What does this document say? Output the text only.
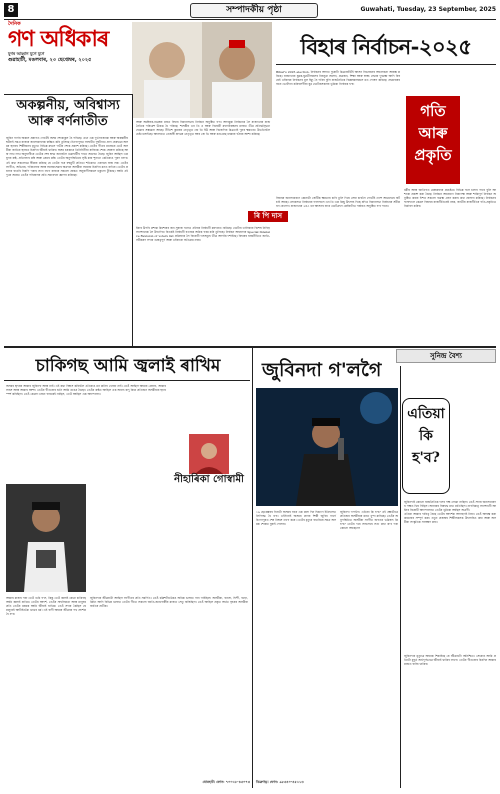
8	সম্পাদকীয় পৃষ্ঠা	Guwahati, Tuesday, 23 September, 2025
দৈনিক
গণ অধিকাৰ
যুগৰ আহ্বান যুগে যুগে
গুৱাহাটী, মঙলবাৰ, ২৩ ছেপ্তেম্বৰ, ২০২৫
অকল্পনীয়, অবিশ্বাস্য
আৰু বৰ্ণনাতীত
জুবিন গাৰ্গৰ অকাল প্ৰয়াণত গোটেই অসম শোকাকুল হৈ পৰিছে। এনে এক দুৰ্ভাগ্যজনক আৰু অকল্পনীয় ঘটনাই সমগ্ৰ ৰাজ্যৰ জনসাধাৰণক স্তম্ভিত কৰি তুলিছে। চিংগাপুৰত সংঘটিত দুৰ্ঘটনাত প্ৰাণ হেৰুওৱা অসমৰ হৃদয়ৰ শিল্পীজনৰ মৃত্যুত বিভিন্ন মহলে গভীৰ শোক প্ৰকাশ কৰিছে। তেওঁৰ গীতৰ মাজেৰে তেওঁ অসমীয়া জাতিৰ হৃদয়ত চিৰদিন জীয়াই থাকিব। অসম চৰকাৰে তিনিদিনীয়া ৰাজ্যিক শোক ঘোষণা কৰিছে আৰু লাখ লাখ অনুৰাগীয়ে তেওঁক শেষ শ্ৰদ্ধা জনাবলৈ গুৱাহাটীৰ পথত সমবেত হৈছে। জুবিন আছিল এক যুগৰ কণ্ঠ, প্ৰতিবাদৰ কণ্ঠ আৰু প্ৰেমৰ কণ্ঠ। তেওঁৰ অনুপস্থিতিয়ে সৃষ্টি কৰা শূন্যতা কেতিয়াও পূৰণ নহ'ব। এই কথা সকলোৱে স্বীকাৰ কৰিছে যে তেওঁৰ দৰে বহুমুখী প্ৰতিভা শতিকাত এবাৰহে জন্ম লয়। তেওঁৰ সংগীত, অভিনয়, পৰিচালনা আৰু সমাজসেৱাৰ অৱদান অসমীয়া সমাজে চিৰদিন মনত ৰাখিব। তেওঁৰ প্ৰয়াণৰ বাতৰি বিয়পি পৰাৰ লগে লগে ৰাজ্যৰ সকলো প্ৰান্তত অনুৰাগীসকলে চকুলো টুকিছে। আমি এই দুখৰ সময়ত তেওঁৰ পৰিয়ালৰ প্ৰতি সমবেদনা জ্ঞাপন কৰিছো।
বিহাৰ নিৰ্বাচন-২০২৫
গতি
আৰু
প্ৰকৃতি
আৰু অক্টোবৰ-নৱেম্বৰ মাহত বিহাৰ বিধানসভাৰ নিৰ্বাচন অনুষ্ঠিত হ'ব। আগন্তুক নিৰ্বাচনক লৈ ৰাজ্যখনৰ ৰাজনৈতিক পৰিৱেশ উত্তপ্ত হৈ পৰিছে। শাসকীয় এন ডি এ আৰু বিৰোধী মহাগঠবন্ধনৰ মাজত তীব্ৰ প্ৰতিদ্বন্দ্বিতা হোৱাৰ সম্ভাৱনা আছে। নীতিশ কুমাৰৰ নেতৃত্বত জে ডি ইউ আৰু বিজেপিৰ মিত্ৰতাই পুনৰ ক্ষমতাত উভতিবলৈ চেষ্টা চলাইছে। আনহাতে তেজস্বী যাদৱৰ নেতৃত্বত আৰ জে ডি আৰু কংগ্ৰেছে চৰকাৰ গঠনৰ আশা কৰিছে।
ৰি পি দাস
ইয়াৰ উপৰি প্ৰশান্ত কিশোৰৰ জন সুৰাজ দলেও এইবাৰ নিৰ্বাচনী ময়দানত নামিছে। ভোটাৰ তালিকাৰ বিশেষ নিবিড় সংশোধনক লৈ উত্থাপিত বিতৰ্কই নিৰ্বাচনী বতাহক অধিক গৰম কৰি তুলিছে। নিৰ্বাচন আয়োগৰ Special Intensive Revision of voters list প্ৰক্ৰিয়াক লৈ বিৰোধী দলসমূহে তীব্ৰ আপত্তি দৰ্শাইছে। বিহাৰৰ ৰাজনীতিত জাতি-সমীকৰণ সদায় গুৰুত্বপূৰ্ণ আৰু এইবাৰো ব্যতিক্ৰম নহয়।
Bihar's 2025 election. নিৰ্বাচনৰ আগত দুয়োটা মিত্ৰজোঁটেই আসন বিভাজনৰ আলোচনা আৰম্ভ কৰিছে। ৰাজ্যখনৰ যুৱক-যুৱতীসকলৰ নিবনুৱা সমস্যা, প্ৰব্ৰজন, শিক্ষা আৰু স্বাস্থ্য সেৱাৰ দুৰৱস্থা আদি বিষয়েই এইবাৰৰ নিৰ্বাচনৰ মূল ইছ্যু হৈ পৰিব বুলি ৰাজনৈতিক বিশ্লেষকসকলে মত পোষণ কৰিছে। প্ৰথমবাৰৰ বাবে ভোটদান কৰিবলগীয়া যুৱ ভোটাৰসকলৰ ভূমিকা নিৰ্ণায়ক হ'ব।
বিহাৰৰ জনসাধাৰণে কোনটো জোঁটক ক্ষমতাৰ চাবি তুলি দিয়ে সেয়া চাবলৈ গোটেই দেশে আগ্ৰহেৰে বাট চাই আছে। লোকসভা নিৰ্বাচনৰ ফলাফলে এন ডি এক কিছু উৎসাহ দিছে যদিও বিধানসভা নিৰ্বাচনৰ সমীকৰণ বেলেগ। ৰাজ্যখনৰ ২৪৩ খন আসনৰ বাবে ভোটগ্ৰহণ কেইবাটাও পৰ্যায়ত অনুষ্ঠিত হ'ব পাৰে।
ধৰ্মীয় আৰু জাতিগত মেৰুকৰণৰ প্ৰচেষ্টাও বিভিন্ন দলে চলাব পাৰে বুলি আশংকা প্ৰকাশ কৰা হৈছে। নিৰ্বাচন আয়োগে নিৰপেক্ষ আৰু শান্তিপূৰ্ণ নিৰ্বাচন অনুষ্ঠিত কৰাৰ দিশত সকলো ব্যৱস্থা গ্ৰহণ কৰাৰ কথা ঘোষণা কৰিছে। নিৰ্বাচনৰ ফলাফলে কেৱল বিহাৰৰ ৰাজনীতিয়েই নহয়, জাতীয় ৰাজনীতিৰ গতি-প্ৰকৃতিও নিৰ্ধাৰণ কৰিব।
চাকিগছ আমি জ্বলাই ৰাখিম
অসমৰ হৃদয়ৰ আমাৰ জুবিনদা আৰু নাই। এই কথা বিশ্বাস কৰিবলৈ এতিয়াও মন মানিব খোজা নাই। তেওঁ আছিল আমাৰ প্ৰেৰণা, আমাৰ সাহস আৰু আমাৰ আশা। তেওঁৰ গীতবোৰ শুনি আমি ডাঙৰ হৈছো। তেওঁৰ কণ্ঠত আছিল এক অনন্য যাদু যিয়ে প্ৰতিজন অসমীয়াৰ হৃদয় স্পৰ্শ কৰিছিল। তেওঁ কেৱল এজন গায়কেই নাছিল, তেওঁ আছিল এক আন্দোলন।
নীহাৰিকা গোস্বামী
জুবিনদাৰ জীৱনটো আছিল সংগীতৰ প্ৰতি সমৰ্পিত। তেওঁ চল্লিশটাতকৈও অধিক ভাষাত গান গাইছিল। অসমীয়া, বাংলা, হিন্দী, বড়ো, মিচিং আদি বিভিন্ন ভাষাত তেওঁৰ গীতে সকলো জাতি-জনগোষ্ঠীৰ মাজত সেতু বান্ধিছিল। তেওঁ আছিল প্ৰকৃত অৰ্থত বৃহত্তৰ অসমীয়া জাতিৰ প্ৰতীক।
আমাৰ মাজৰ পৰা তেওঁ গুচি গ'ল, কিন্তু তেওঁ জ্বলাই যোৱা চাকিগছ আমি জ্বলাই ৰাখিম। তেওঁৰ আদৰ্শ, তেওঁৰ সাহসিকতা আৰু মানুহৰ প্ৰতি তেওঁৰ মৰমক আমি জীয়াই ৰাখিম। তেওঁ সদায় কৈছিল যে মানুহেই আটাইতকৈ ডাঙৰ ধৰ্ম। এই বাণী আমাৰ জীৱনৰ পথ প্ৰদৰ্শক হৈ ৰ'ব।
যোৰহাট। ফোন: ৭০০২৮-৪৫০৭৩
সুনিন্দ্ৰ বৈশ্য
জুবিনদা গ'লগৈ
এতিয়া
কি
হ'ব?
১৯ ছেপ্তেম্বৰৰ দিনটো অসমৰ বাবে এক কলা দিন হিচাপে ইতিহাসত লিপিবদ্ধ হৈ ৰ'ব। এইদিনাই অসমৰ প্ৰাণৰ শিল্পী জুবিন গাৰ্গে চিংগাপুৰত শেষ নিশ্বাস ত্যাগ কৰে। তেওঁৰ মৃত্যুৰ বাতৰিয়ে সমগ্ৰ অসমক শোকত বুৰাই পেলায়।
জুবিনদা গ'লগৈ। এতিয়া কি হ'ব? এই প্ৰশ্নটোৱে প্ৰতিজন অসমীয়াৰ মনত খুন্দা মাৰিছে। তেওঁৰ অনুপস্থিতিত অসমীয়া সংগীত জগতৰ ভৱিষ্যৎ কি হ'ব? তেওঁৰ দৰে সাহসেৰে সত্য কথা ক'ব পৰা কোনো আছেনে?
জুবিনদাই কোনো ৰাজনৈতিক দলৰ পক্ষ লোৱা নাছিল। তেওঁ সদায় জনসাধাৰণৰ পক্ষত থিয় দিছিল। অন্যায়ৰ বিৰুদ্ধে মাত মাতিছিল। নাগৰিকত্ব সংশোধনী আইনৰ বিৰোধী আন্দোলনত তেওঁৰ ভূমিকা আছিল অগ্ৰণী।
এতিয়া আমাৰ দায়িত্ব হৈছে তেওঁৰ আদৰ্শক আগবঢ়াই নিয়া। তেওঁ আৰম্ভ কৰা কামবোৰ সম্পূৰ্ণ কৰা। নতুন প্ৰজন্মৰ শিল্পীসকলক উৎসাহিত কৰা আৰু অসমীয়া সংস্কৃতিক সংৰক্ষণ কৰা।
জুবিনদাৰ মৃত্যুৱে আমাক শিকাইছে যে জীৱনটো অনিশ্চিত। সেয়েহে আমি প্ৰতিটো মুহূৰ্ত অৰ্থপূৰ্ণভাৱে জীয়াই থাকিব লাগে। তেওঁৰ গীতবোৰ চিৰদিন আমাৰ মাজত বাজি থাকিব।
ডিব্ৰুগড়। ফোন: ৯৮৫৪০-৪৫২১৩
